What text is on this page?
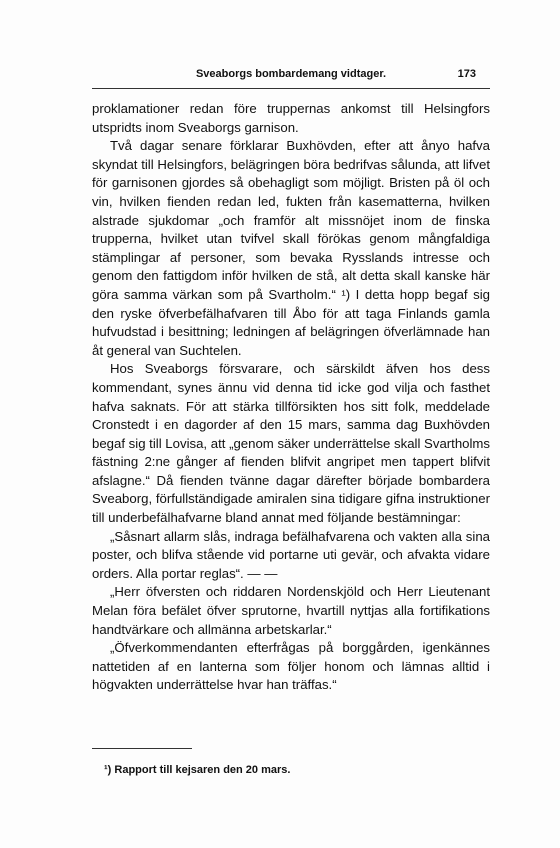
Sveaborgs bombardemang vidtager.	173

proklamationer redan före truppernas ankomst till Helsingfors utspridts inom Sveaborgs garnison.

Två dagar senare förklarar Buxhövden, efter att ånyo hafva skyndat till Helsingfors, belägringen böra bedrifvas sålunda, att lifvet för garnisonen gjordes så obehagligt som möjligt. Bristen på öl och vin, hvilken fienden redan led, fukten från kasematterna, hvilken alstrade sjukdomar „och framför alt missnöjet inom de finska trupperna, hvilket utan tvifvel skall förökas genom mångfaldiga stämplingar af personer, som bevaka Rysslands intresse och genom den fattigdom inför hvilken de stå, alt detta skall kanske här göra samma värkan som på Svartholm.“ ¹) I detta hopp begaf sig den ryske öfverbefälhafvaren till Åbo för att taga Finlands gamla hufvudstad i besittning; ledningen af belägringen öfverlämnade han åt general van Suchtelen.

Hos Sveaborgs försvarare, och särskildt äfven hos dess kommendant, synes ännu vid denna tid icke god vilja och fasthet hafva saknats. För att stärka tillförsikten hos sitt folk, meddelade Cronstedt i en dagorder af den 15 mars, samma dag Buxhövden begaf sig till Lovisa, att „genom säker underrättelse skall Svartholms fästning 2:ne gånger af fienden blifvit angripet men tappert blifvit afslagne.“ Då fienden tvänne dagar därefter började bombardera Sveaborg, förfullständigade amiralen sina tidigare gifna instruktioner till underbefälhafvarne bland annat med följande bestämningar:

„Såsnart allarm slås, indraga befälhafvarena och vakten alla sina poster, och blifva stående vid portarne uti gevär, och afvakta vidare orders. Alla portar reglas“. — —

„Herr öfversten och riddaren Nordenskjöld och Herr Lieutenant Melan föra befälet öfver sprutorne, hvartill nyttjas alla fortifikations handtvärkare och allmänna arbetskarlar.“

„Öfverkommendanten efterfrågas på borggården, igenkännes nattetiden af en lanterna som följer honom och lämnas alltid i högvakten underrättelse hvar han träffas.“

¹) Rapport till kejsaren den 20 mars.
